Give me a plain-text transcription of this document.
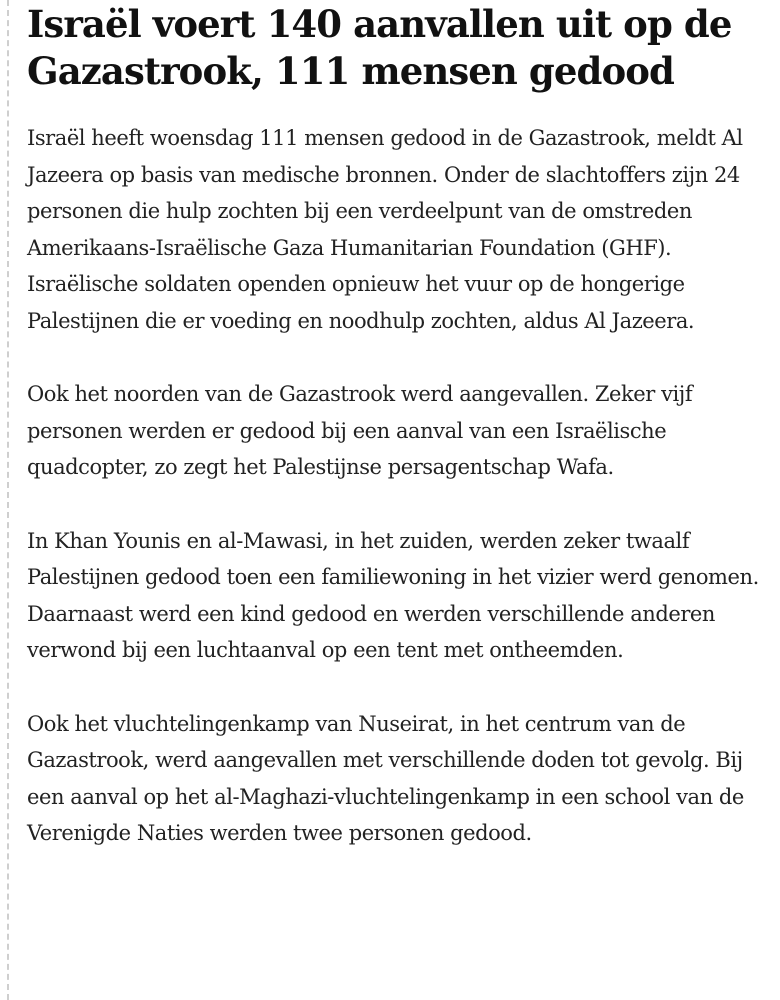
Israël voert 140 aanvallen uit op de Gazastrook, 111 mensen gedood

Israël heeft woensdag 111 mensen gedood in de Gazastrook, meldt Al Jazeera op basis van medische bronnen. Onder de slachtoffers zijn 24 personen die hulp zochten bij een verdeelpunt van de omstreden Amerikaans-Israëlische Gaza Humanitarian Foundation (GHF). Israëlische soldaten openden opnieuw het vuur op de hongerige Palestijnen die er voeding en noodhulp zochten, aldus Al Jazeera.

Ook het noorden van de Gazastrook werd aangevallen. Zeker vijf personen werden er gedood bij een aanval van een Israëlische quadcopter, zo zegt het Palestijnse persagentschap Wafa.

In Khan Younis en al-Mawasi, in het zuiden, werden zeker twaalf Palestijnen gedood toen een familiewoning in het vizier werd genomen. Daarnaast werd een kind gedood en werden verschillende anderen verwond bij een luchtaanval op een tent met ontheemden.

Ook het vluchtelingenkamp van Nuseirat, in het centrum van de Gazastrook, werd aangevallen met verschillende doden tot gevolg. Bij een aanval op het al-Maghazi-vluchtelingenkamp in een school van de Verenigde Naties werden twee personen gedood.
